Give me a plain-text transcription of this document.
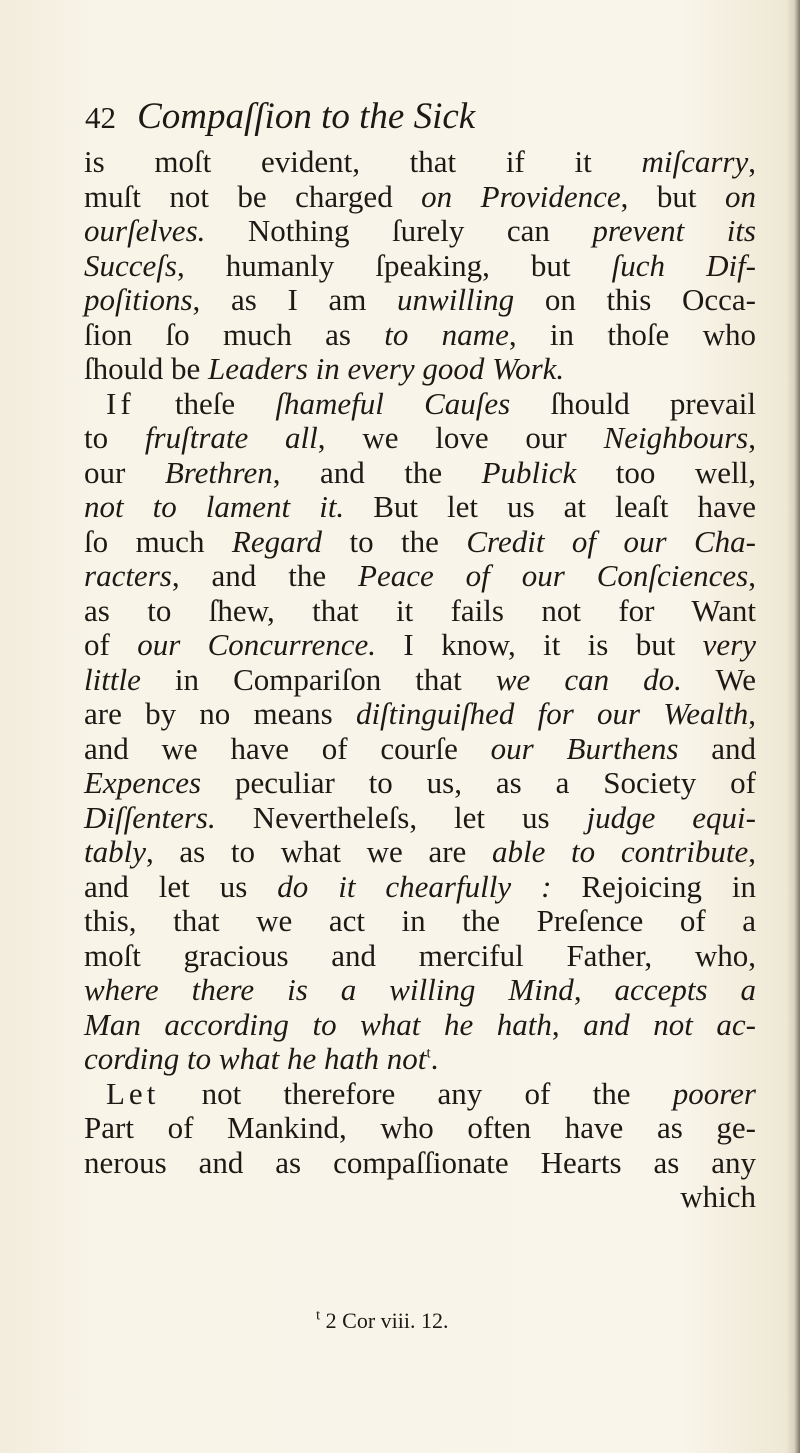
42 Compaſſion to the Sick
is moſt evident, that if it miſcarry,
muſt not be charged on Providence, but on
ourſelves. Nothing ſurely can prevent its
Succeſs, humanly ſpeaking, but ſuch Dif-
poſitions, as I am unwilling on this Occa-
ſion ſo much as to name, in thoſe who
ſhould be Leaders in every good Work.
If theſe ſhameful Cauſes ſhould prevail
to fruſtrate all, we love our Neighbours,
our Brethren, and the Publick too well,
not to lament it. But let us at leaſt have
ſo much Regard to the Credit of our Cha-
racters, and the Peace of our Conſciences,
as to ſhew, that it fails not for Want
of our Concurrence. I know, it is but very
little in Compariſon that we can do. We
are by no means diſtinguiſhed for our Wealth,
and we have of courſe our Burthens and
Expences peculiar to us, as a Society of
Diſſenters. Nevertheleſs, let us judge equi-
tably, as to what we are able to contribute,
and let us do it chearfully : Rejoicing in
this, that we act in the Preſence of a
moſt gracious and merciful Father, who,
where there is a willing Mind, accepts a
Man according to what he hath, and not ac-
cording to what he hath not$^t$.
Let not therefore any of the poorer
Part of Mankind, who often have as ge-
nerous and as compaſſionate Hearts as any
which
$^t$ 2 Cor viii. 12.
